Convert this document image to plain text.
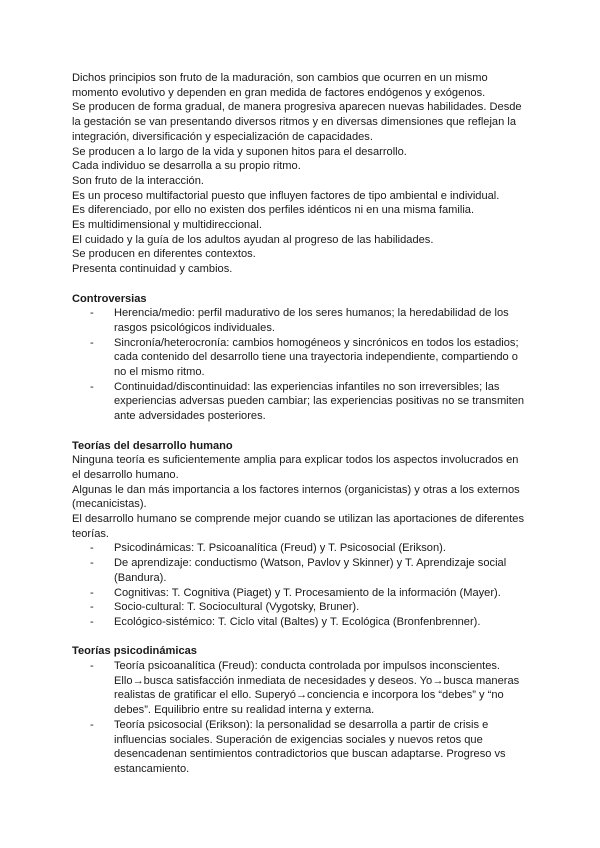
Dichos principios son fruto de la maduración, son cambios que ocurren en un mismo
momento evolutivo y dependen en gran medida de factores endógenos y exógenos.
Se producen de forma gradual, de manera progresiva aparecen nuevas habilidades. Desde
la gestación se van presentando diversos ritmos y en diversas dimensiones que reflejan la
integración, diversificación y especialización de capacidades.
Se producen a lo largo de la vida y suponen hitos para el desarrollo.
Cada individuo se desarrolla a su propio ritmo.
Son fruto de la interacción.
Es un proceso multifactorial puesto que influyen factores de tipo ambiental e individual.
Es diferenciado, por ello no existen dos perfiles idénticos ni en una misma familia.
Es multidimensional y multidireccional.
El cuidado y la guía de los adultos ayudan al progreso de las habilidades.
Se producen en diferentes contextos.
Presenta continuidad y cambios.
Controversias
- Herencia/medio: perfil madurativo de los seres humanos; la heredabilidad de los
rasgos psicológicos individuales.
- Sincronía/heterocronía: cambios homogéneos y sincrónicos en todos los estadios;
cada contenido del desarrollo tiene una trayectoria independiente, compartiendo o
no el mismo ritmo.
- Continuidad/discontinuidad: las experiencias infantiles no son irreversibles; las
experiencias adversas pueden cambiar; las experiencias positivas no se transmiten
ante adversidades posteriores.
Teorías del desarrollo humano
Ninguna teoría es suficientemente amplia para explicar todos los aspectos involucrados en
el desarrollo humano.
Algunas le dan más importancia a los factores internos (organicistas) y otras a los externos
(mecanicistas).
El desarrollo humano se comprende mejor cuando se utilizan las aportaciones de diferentes
teorías.
- Psicodinámicas: T. Psicoanalítica (Freud) y T. Psicosocial (Erikson).
- De aprendizaje: conductismo (Watson, Pavlov y Skinner) y T. Aprendizaje social
(Bandura).
- Cognitivas: T. Cognitiva (Piaget) y T. Procesamiento de la información (Mayer).
- Socio-cultural: T. Sociocultural (Vygotsky, Bruner).
- Ecológico-sistémico: T. Ciclo vital (Baltes) y T. Ecológica (Bronfenbrenner).
Teorías psicodinámicas
- Teoría psicoanalítica (Freud): conducta controlada por impulsos inconscientes.
Ello→busca satisfacción inmediata de necesidades y deseos. Yo→busca maneras
realistas de gratificar el ello. Superyó→conciencia e incorpora los “debes” y “no
debes”. Equilibrio entre su realidad interna y externa.
- Teoría psicosocial (Erikson): la personalidad se desarrolla a partir de crisis e
influencias sociales. Superación de exigencias sociales y nuevos retos que
desencadenan sentimientos contradictorios que buscan adaptarse. Progreso vs
estancamiento.
